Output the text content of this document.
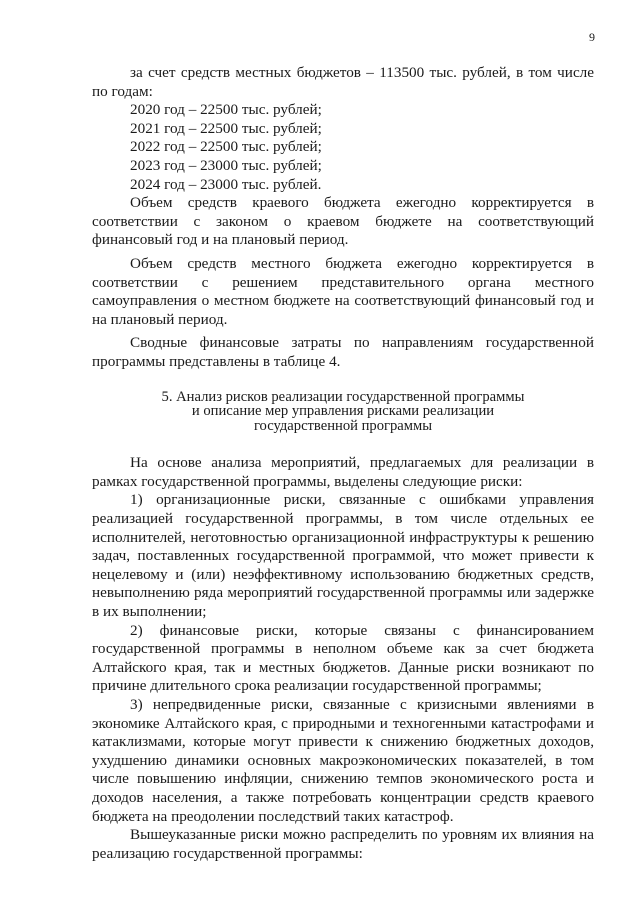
9

за счет средств местных бюджетов – 113500 тыс. рублей, в том числе по годам:

2020 год – 22500 тыс. рублей;
2021 год – 22500 тыс. рублей;
2022 год – 22500 тыс. рублей;
2023 год – 23000 тыс. рублей;
2024 год – 23000 тыс. рублей.

Объем средств краевого бюджета ежегодно корректируется в соответствии с законом о краевом бюджете на соответствующий финансовый год и на плановый период.

Объем средств местного бюджета ежегодно корректируется в соответствии с решением представительного органа местного самоуправления о местном бюджете на соответствующий финансовый год и на плановый период.

Сводные финансовые затраты по направлениям государственной программы представлены в таблице 4.

5. Анализ рисков реализации государственной программы
и описание мер управления рисками реализации
государственной программы

На основе анализа мероприятий, предлагаемых для реализации в рамках государственной программы, выделены следующие риски:

1) организационные риски, связанные с ошибками управления реализацией государственной программы, в том числе отдельных ее исполнителей, неготовностью организационной инфраструктуры к решению задач, поставленных государственной программой, что может привести к нецелевому и (или) неэффективному использованию бюджетных средств, невыполнению ряда мероприятий государственной программы или задержке в их выполнении;

2) финансовые риски, которые связаны с финансированием государственной программы в неполном объеме как за счет бюджета Алтайского края, так и местных бюджетов. Данные риски возникают по причине длительного срока реализации государственной программы;

3) непредвиденные риски, связанные с кризисными явлениями в экономике Алтайского края, с природными и техногенными катастрофами и катаклизмами, которые могут привести к снижению бюджетных доходов, ухудшению динамики основных макроэкономических показателей, в том числе повышению инфляции, снижению темпов экономического роста и доходов населения, а также потребовать концентрации средств краевого бюджета на преодолении последствий таких катастроф.

Вышеуказанные риски можно распределить по уровням их влияния на реализацию государственной программы:
